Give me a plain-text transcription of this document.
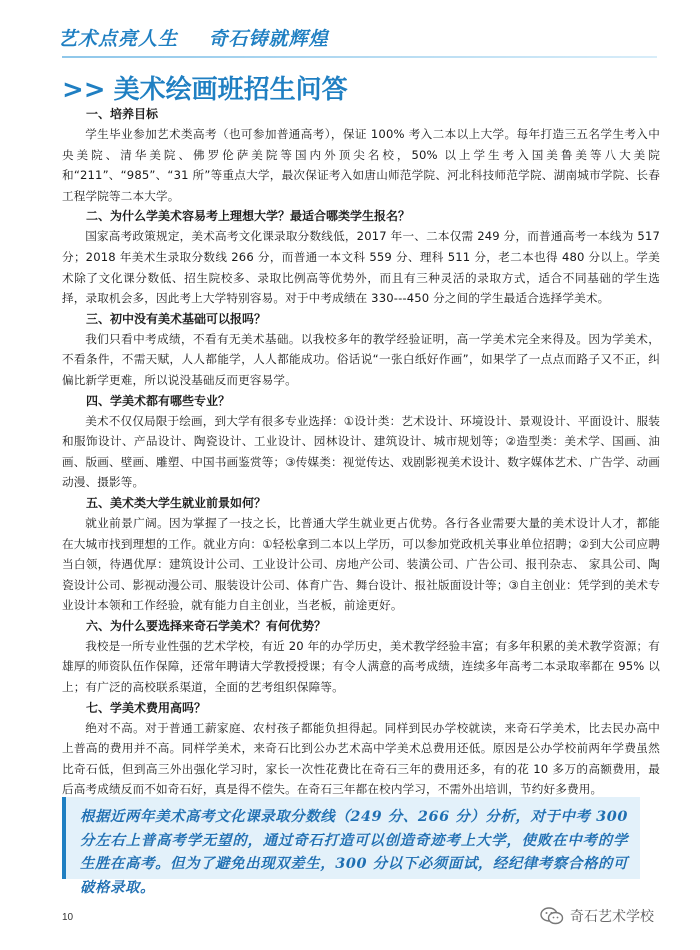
艺术点亮人生    奇石铸就辉煌
>> 美术绘画班招生问答
一、培养目标

学生毕业参加艺术类高考（也可参加普通高考），保证 100% 考入二本以上大学。每年打造三五名学生考入中央美院、清华美院、佛罗伦萨美院等国内外顶尖名校，50% 以上学生考入国美鲁美等八大美院和“211”、“985”、“31 所”等重点大学，最次保证考入如唐山师范学院、河北科技师范学院、湖南城市学院、长春工程学院等二本大学。

二、为什么学美术容易考上理想大学？最适合哪类学生报名？

国家高考政策规定，美术高考文化课录取分数线低，2017 年一、二本仅需 249 分，而普通高考一本线为 517 分；2018 年美术生录取分数线 266 分，而普通一本文科 559 分、理科 511 分，老二本也得 480 分以上。学美术除了文化课分数低、招生院校多、录取比例高等优势外，而且有三种灵活的录取方式，适合不同基础的学生选择，录取机会多，因此考上大学特别容易。对于中考成绩在 330---450 分之间的学生最适合选择学美术。

三、初中没有美术基础可以报吗？

我们只看中考成绩，不看有无美术基础。以我校多年的教学经验证明，高一学美术完全来得及。因为学美术，不看条件，不需天赋，人人都能学，人人都能成功。俗话说“一张白纸好作画”，如果学了一点点而路子又不正，纠偏比新学更难，所以说没基础反而更容易学。

四、学美术都有哪些专业？

美术不仅仅局限于绘画，到大学有很多专业选择：①设计类：艺术设计、环境设计、景观设计、平面设计、服装和服饰设计、产品设计、陶瓷设计、工业设计、园林设计、建筑设计、城市规划等；②造型类：美术学、国画、油画、版画、壁画、雕塑、中国书画鉴赏等；③传媒类：视觉传达、戏剧影视美术设计、数字媒体艺术、广告学、动画动漫、摄影等。

五、美术类大学生就业前景如何？

就业前景广阔。因为掌握了一技之长，比普通大学生就业更占优势。各行各业需要大量的美术设计人才，都能在大城市找到理想的工作。就业方向：①轻松拿到二本以上学历，可以参加党政机关事业单位招聘；②到大公司应聘当白领，待遇优厚：建筑设计公司、工业设计公司、房地产公司、装潢公司、广告公司、报刊杂志、 家具公司、陶瓷设计公司、影视动漫公司、服装设计公司、体育广告、舞台设计、报社版面设计等；③自主创业：凭学到的美术专业设计本领和工作经验，就有能力自主创业，当老板，前途更好。

六、为什么要选择来奇石学美术？有何优势？

我校是一所专业性强的艺术学校，有近 20 年的办学历史，美术教学经验丰富；有多年积累的美术教学资源；有雄厚的师资队伍作保障，还常年聘请大学教授授课；有令人满意的高考成绩，连续多年高考二本录取率都在 95% 以上；有广泛的高校联系渠道，全面的艺考组织保障等。

七、学美术费用高吗？

绝对不高。对于普通工薪家庭、农村孩子都能负担得起。同样到民办学校就读，来奇石学美术，比去民办高中上普高的费用并不高。同样学美术，来奇石比到公办艺术高中学美术总费用还低。原因是公办学校前两年学费虽然比奇石低，但到高三外出强化学习时，家长一次性花费比在奇石三年的费用还多，有的花 10 多万的高额费用，最后高考成绩反而不如奇石好，真是得不偿失。在奇石三年都在校内学习，不需外出培训，节约好多费用。

根据近两年美术高考文化课录取分数线（249 分、266 分）分析，对于中考 300 分左右上普高考学无望的，通过奇石打造可以创造奇迹考上大学，使败在中考的学生胜在高考。但为了避免出现双差生，300 分以下必须面试，经纪律考察合格的可破格录取。
10	奇石艺术学校
